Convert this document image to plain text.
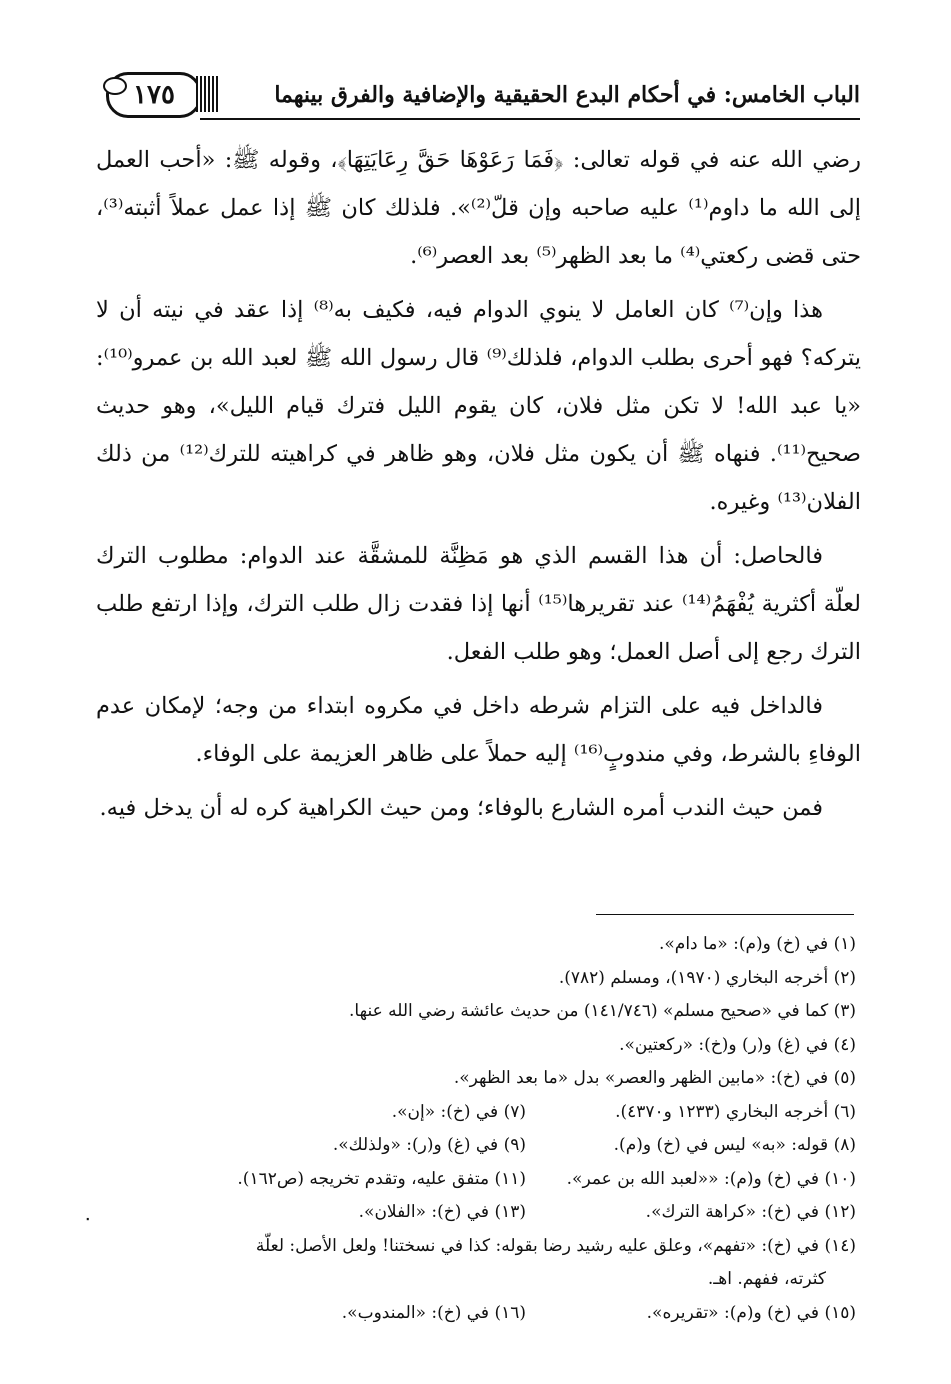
١٧٥	الباب الخامس: في أحكام البدع الحقيقية والإضافية والفرق بينهما

رضي الله عنه في قوله تعالى: ﴿فَمَا رَعَوْهَا حَقَّ رِعَايَتِهَا﴾، وقوله ﷺ: «أحب العمل إلى الله ما داوم⁽¹⁾ عليه صاحبه وإن قلّ⁽²⁾». فلذلك كان ﷺ إذا عمل عملاً أثبته⁽³⁾، حتى قضى ركعتي⁽⁴⁾ ما بعد الظهر⁽⁵⁾ بعد العصر⁽⁶⁾.

هذا وإن⁽⁷⁾ كان العامل لا ينوي الدوام فيه، فكيف به⁽⁸⁾ إذا عقد في نيته أن لا يتركه؟ فهو أحرى بطلب الدوام، فلذلك⁽⁹⁾ قال رسول الله ﷺ لعبد الله بن عمرو⁽¹⁰⁾: «يا عبد الله! لا تكن مثل فلان، كان يقوم الليل فترك قيام الليل»، وهو حديث صحيح⁽¹¹⁾. فنهاه ﷺ أن يكون مثل فلان، وهو ظاهر في كراهيته للترك⁽¹²⁾ من ذلك الفلان⁽¹³⁾ وغيره.

فالحاصل: أن هذا القسم الذي هو مَظِنَّة للمشقَّة عند الدوام: مطلوب الترك لعلّة أكثرية يُفْهَمُ⁽¹⁴⁾ عند تقريرها⁽¹⁵⁾ أنها إذا فقدت زال طلب الترك، وإذا ارتفع طلب الترك رجع إلى أصل العمل؛ وهو طلب الفعل.

فالداخل فيه على التزام شرطه داخل في مكروه ابتداء من وجه؛ لإمكان عدم الوفاءِ بالشرط، وفي مندوبٍ⁽¹⁶⁾ إليه حملاً على ظاهر العزيمة على الوفاء.

فمن حيث الندب أمره الشارع بالوفاء؛ ومن حيث الكراهية كره له أن يدخل فيه.

(١) في (خ) و(م): «ما دام».
(٢) أخرجه البخاري (١٩٧٠)، ومسلم (٧٨٢).
(٣) كما في «صحيح مسلم» (١٤١/٧٤٦) من حديث عائشة رضي الله عنها.
(٤) في (غ) و(ر) و(خ): «ركعتين».
(٥) في (خ): «مابين الظهر والعصر» بدل «ما بعد الظهر».
(٦) أخرجه البخاري (١٢٣٣ و٤٣٧٠).
(٧) في (خ): «إن».
(٨) قوله: «به» ليس في (خ) و(م).
(٩) في (غ) و(ر): «ولذلك».
(١٠) في (خ) و(م): ««لعبد الله بن عمر».
(١١) متفق عليه، وتقدم تخريجه (ص١٦٢).
(١٢) في (خ): «كراهة الترك».
(١٣) في (خ): «الفلان».
(١٤) في (خ): «تفهم»، وعلق عليه رشيد رضا بقوله: كذا في نسختنا! ولعل الأصل: لعلّة
كثرته، ففهم. اهـ.
(١٥) في (خ) و(م): «تقريره».
(١٦) في (خ): «المندوب».
٠
